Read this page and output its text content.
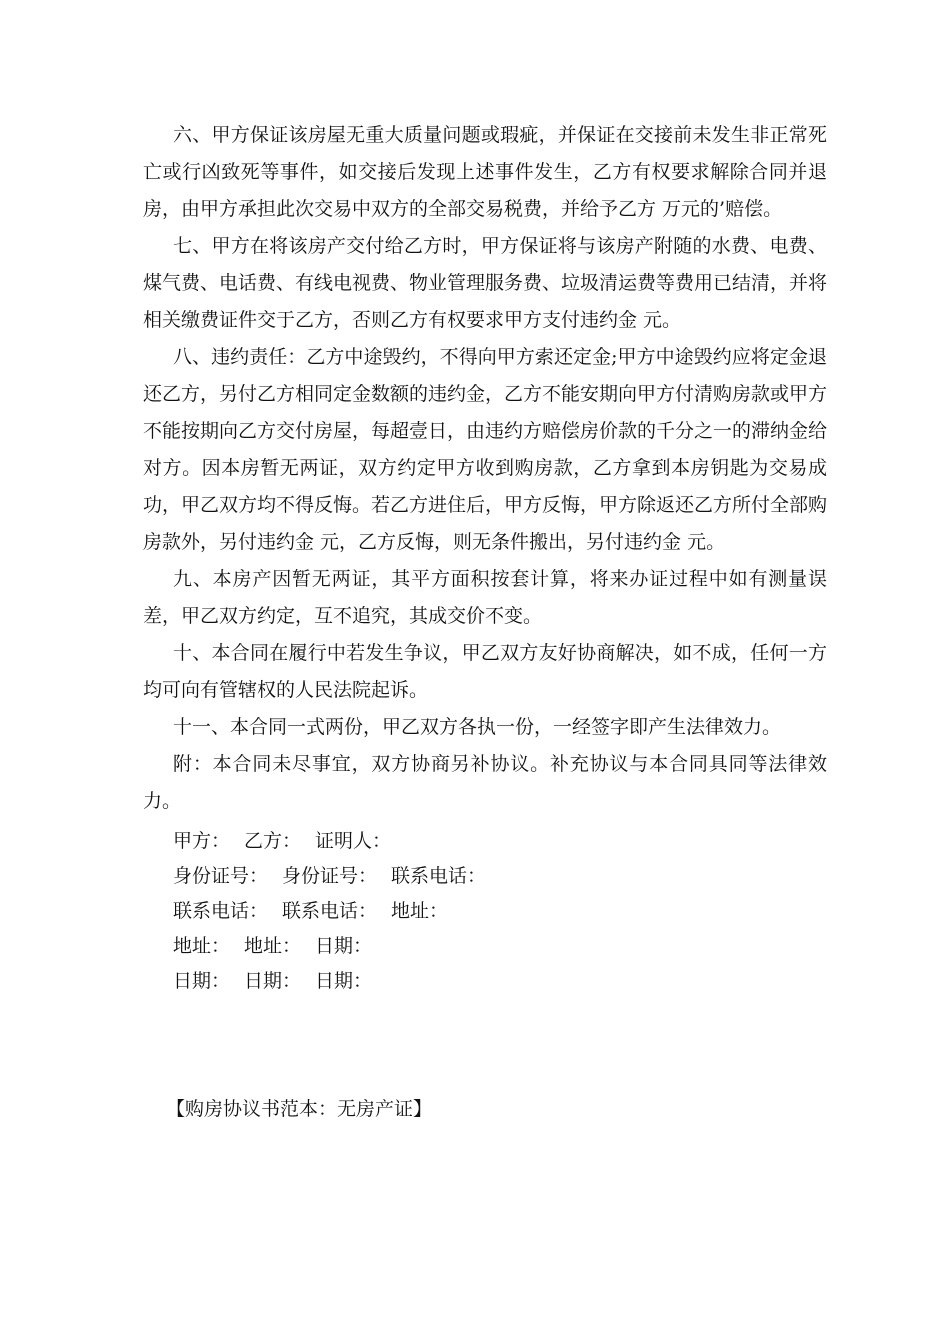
六、甲方保证该房屋无重大质量问题或瑕疵，并保证在交接前未发生非正常死亡或行凶致死等事件，如交接后发现上述事件发生，乙方有权要求解除合同并退房，由甲方承担此次交易中双方的全部交易税费，并给予乙方 万元的’赔偿。

七、甲方在将该房产交付给乙方时，甲方保证将与该房产附随的水费、电费、煤气费、电话费、有线电视费、物业管理服务费、垃圾清运费等费用已结清，并将相关缴费证件交于乙方，否则乙方有权要求甲方支付违约金 元。

八、违约责任：乙方中途毁约，不得向甲方索还定金;甲方中途毁约应将定金退还乙方，另付乙方相同定金数额的违约金，乙方不能安期向甲方付清购房款或甲方不能按期向乙方交付房屋，每超壹日，由违约方赔偿房价款的千分之一的滞纳金给对方。因本房暂无两证，双方约定甲方收到购房款，乙方拿到本房钥匙为交易成功，甲乙双方均不得反悔。若乙方进住后，甲方反悔，甲方除返还乙方所付全部购房款外，另付违约金 元，乙方反悔，则无条件搬出，另付违约金 元。

九、本房产因暂无两证，其平方面积按套计算，将来办证过程中如有测量误差，甲乙双方约定，互不追究，其成交价不变。

十、本合同在履行中若发生争议，甲乙双方友好协商解决，如不成，任何一方均可向有管辖权的人民法院起诉。

十一、本合同一式两份，甲乙双方各执一份，一经签字即产生法律效力。

附：本合同未尽事宜，双方协商另补协议。补充协议与本合同具同等法律效力。

甲方： 乙方： 证明人：

身份证号： 身份证号： 联系电话：

联系电话： 联系电话： 地址：

地址： 地址： 日期：

日期： 日期： 日期：

【购房协议书范本：无房产证】
